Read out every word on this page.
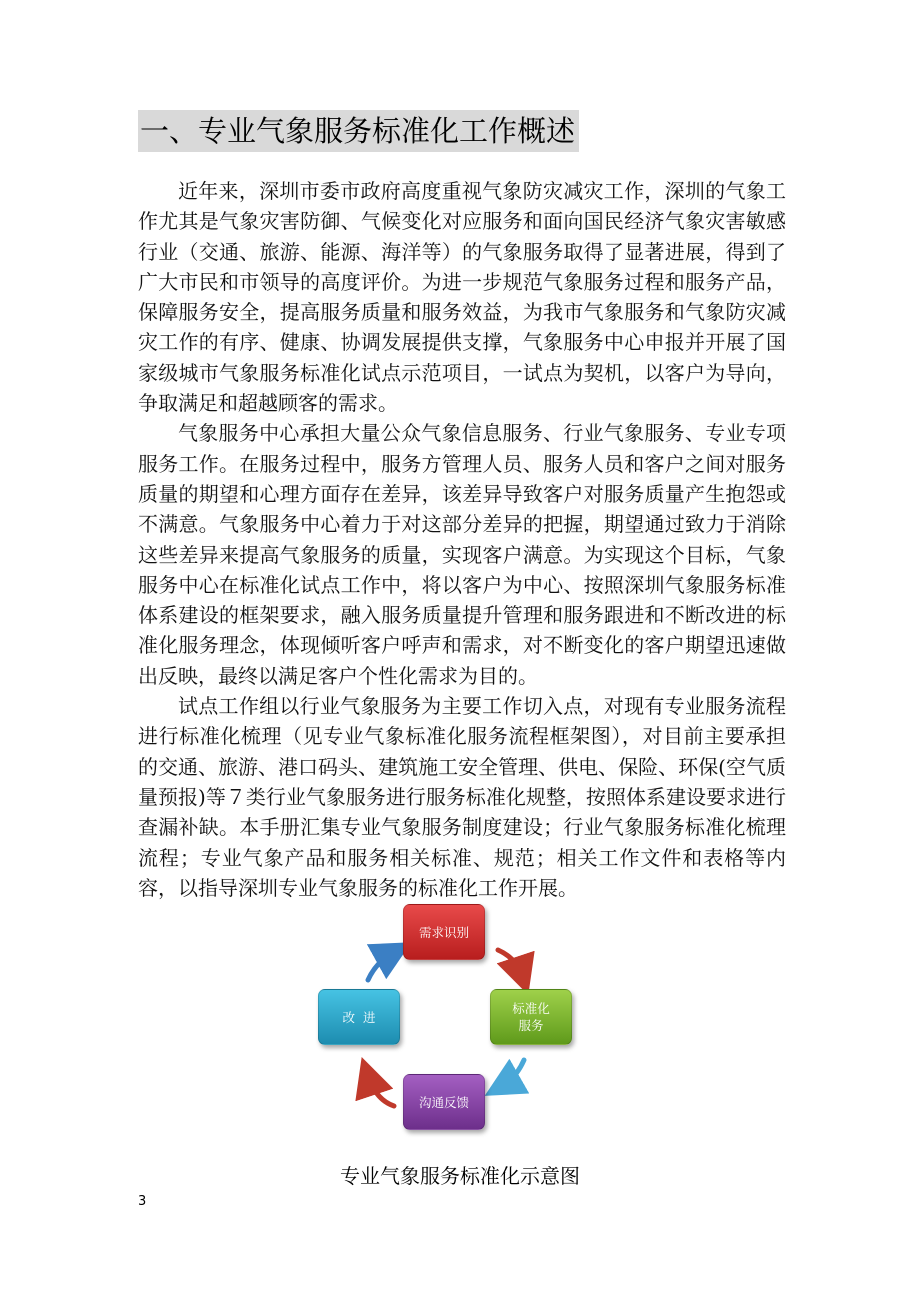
一、专业气象服务标准化工作概述

近年来，深圳市委市政府高度重视气象防灾减灾工作，深圳的气象工作尤其是气象灾害防御、气候变化对应服务和面向国民经济气象灾害敏感行业（交通、旅游、能源、海洋等）的气象服务取得了显著进展，得到了广大市民和市领导的高度评价。为进一步规范气象服务过程和服务产品，保障服务安全，提高服务质量和服务效益，为我市气象服务和气象防灾减灾工作的有序、健康、协调发展提供支撑，气象服务中心申报并开展了国家级城市气象服务标准化试点示范项目，一试点为契机，以客户为导向，争取满足和超越顾客的需求。

气象服务中心承担大量公众气象信息服务、行业气象服务、专业专项服务工作。在服务过程中，服务方管理人员、服务人员和客户之间对服务质量的期望和心理方面存在差异，该差异导致客户对服务质量产生抱怨或不满意。气象服务中心着力于对这部分差异的把握，期望通过致力于消除这些差异来提高气象服务的质量，实现客户满意。为实现这个目标，气象服务中心在标准化试点工作中，将以客户为中心、按照深圳气象服务标准体系建设的框架要求，融入服务质量提升管理和服务跟进和不断改进的标准化服务理念，体现倾听客户呼声和需求，对不断变化的客户期望迅速做出反映，最终以满足客户个性化需求为目的。

试点工作组以行业气象服务为主要工作切入点，对现有专业服务流程进行标准化梳理（见专业气象标准化服务流程框架图），对目前主要承担的交通、旅游、港口码头、建筑施工安全管理、供电、保险、环保(空气质量预报)等７类行业气象服务进行服务标准化规整，按照体系建设要求进行查漏补缺。本手册汇集专业气象服务制度建设；行业气象服务标准化梳理流程；专业气象产品和服务相关标准、规范；相关工作文件和表格等内容，以指导深圳专业气象服务的标准化工作开展。

需求识别
标准化
服务
沟通反馈
改  进
专业气象服务标准化示意图
3
